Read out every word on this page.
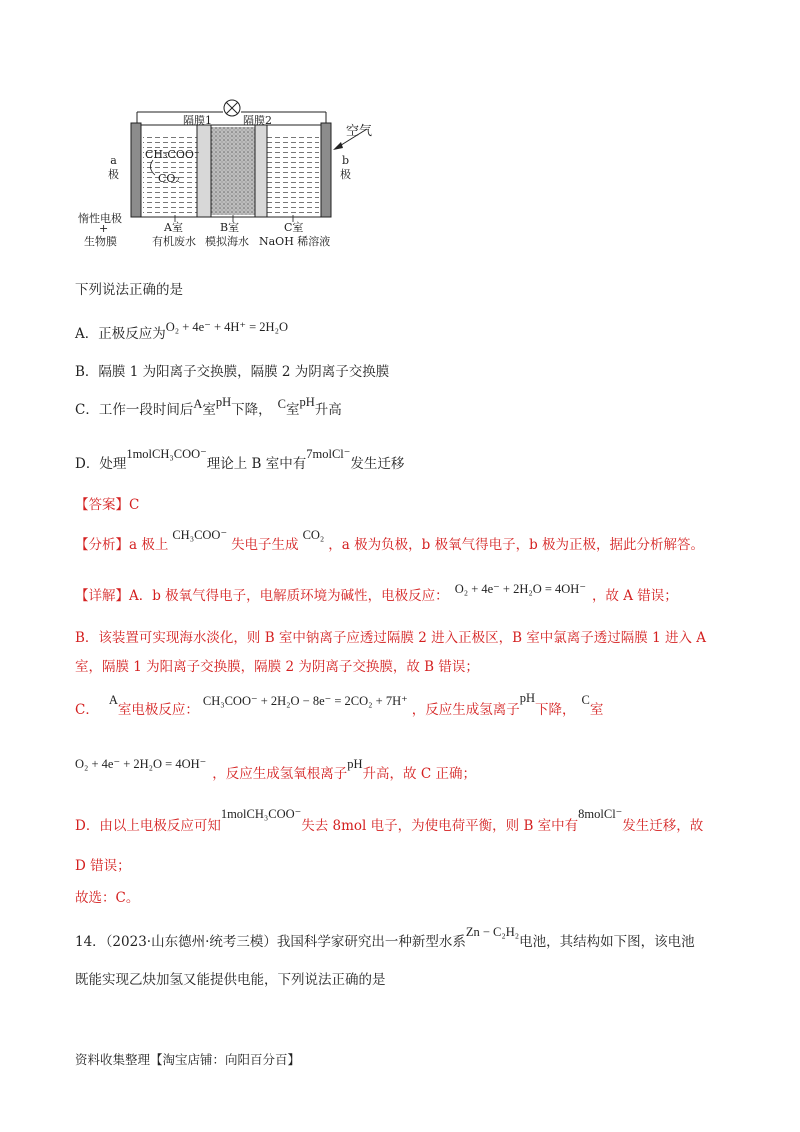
隔膜1	隔膜2
空气
a
极
b
极
CH₃COO⁻
CO₂
惰性电极
+
生物膜
A室
有机废水
B室
模拟海水
C室
NaOH 稀溶液
下列说法正确的是
A．正极反应为O₂ + 4e⁻ + 4H⁺ = 2H₂O
B．隔膜 1 为阳离子交换膜，隔膜 2 为阴离子交换膜
C．工作一段时间后A室pH下降， C室pH升高
D．处理1molCH₃COO⁻理论上 B 室中有7molCl⁻发生迁移
【答案】C
【分析】a 极上CH₃COO⁻失电子生成CO₂，a 极为负极，b 极氧气得电子，b 极为正极，据此分析解答。
【详解】A．b 极氧气得电子，电解质环境为碱性，电极反应： O₂ + 4e⁻ + 2H₂O = 4OH⁻ ，故 A 错误；
B．该装置可实现海水淡化，则 B 室中钠离子应透过隔膜 2 进入正极区，B 室中氯离子透过隔膜 1 进入 A
室，隔膜 1 为阳离子交换膜，隔膜 2 为阴离子交换膜，故 B 错误；
C．A室电极反应：CH₃COO⁻ + 2H₂O − 8e⁻ = 2CO₂ + 7H⁺，反应生成氢离子pH下降，C室
O₂ + 4e⁻ + 2H₂O = 4OH⁻，反应生成氢氧根离子pH升高，故 C 正确；
D．由以上电极反应可知1molCH₃COO⁻失去 8mol 电子，为使电荷平衡，则 B 室中有8molCl⁻发生迁移，故
D 错误；
故选：C。
14．（2023·山东德州·统考三模）我国科学家研究出一种新型水系Zn − C₂H₂电池，其结构如下图，该电池
既能实现乙炔加氢又能提供电能，下列说法正确的是
资料收集整理【淘宝店铺：向阳百分百】
